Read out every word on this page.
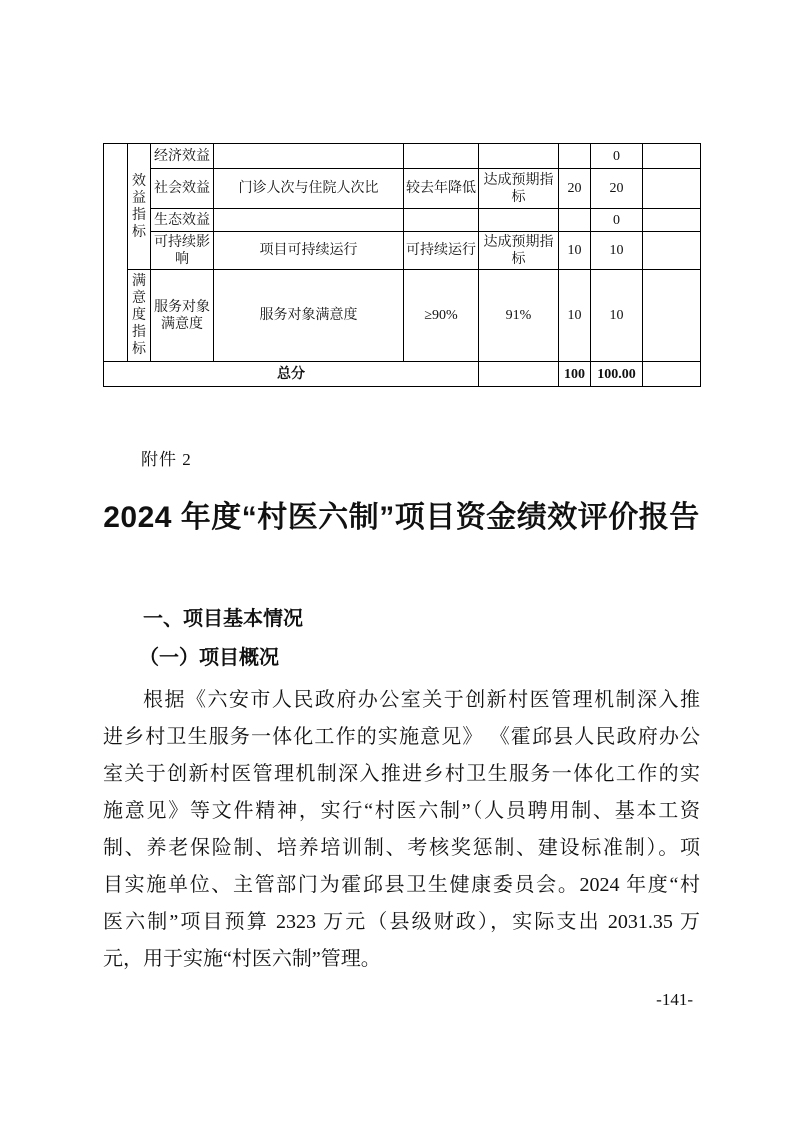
	效益指标	经济效益					0	
		社会效益	门诊人次与住院人次比	较去年降低	达成预期指标	20	20	
		生态效益					0	
		可持续影响	项目可持续运行	可持续运行	达成预期指标	10	10	
	满意度指标	服务对象满意度	服务对象满意度	≥90%	91%	10	10	
总分						100	100.00	
附件 2
2024 年度“村医六制”项目资金绩效评价报告
一、项目基本情况
（一）项目概况
根据《六安市人民政府办公室关于创新村医管理机制深入推
进乡村卫生服务一体化工作的实施意见》 《霍邱县人民政府办公
室关于创新村医管理机制深入推进乡村卫生服务一体化工作的实
施意见》等文件精神，实行“村医六制”（人员聘用制、基本工资
制、养老保险制、培养培训制、考核奖惩制、建设标准制）。项
目实施单位、主管部门为霍邱县卫生健康委员会。2024 年度“村
医六制”项目预算 2323 万元（县级财政），实际支出 2031.35 万
元，用于实施“村医六制”管理。
-141-
